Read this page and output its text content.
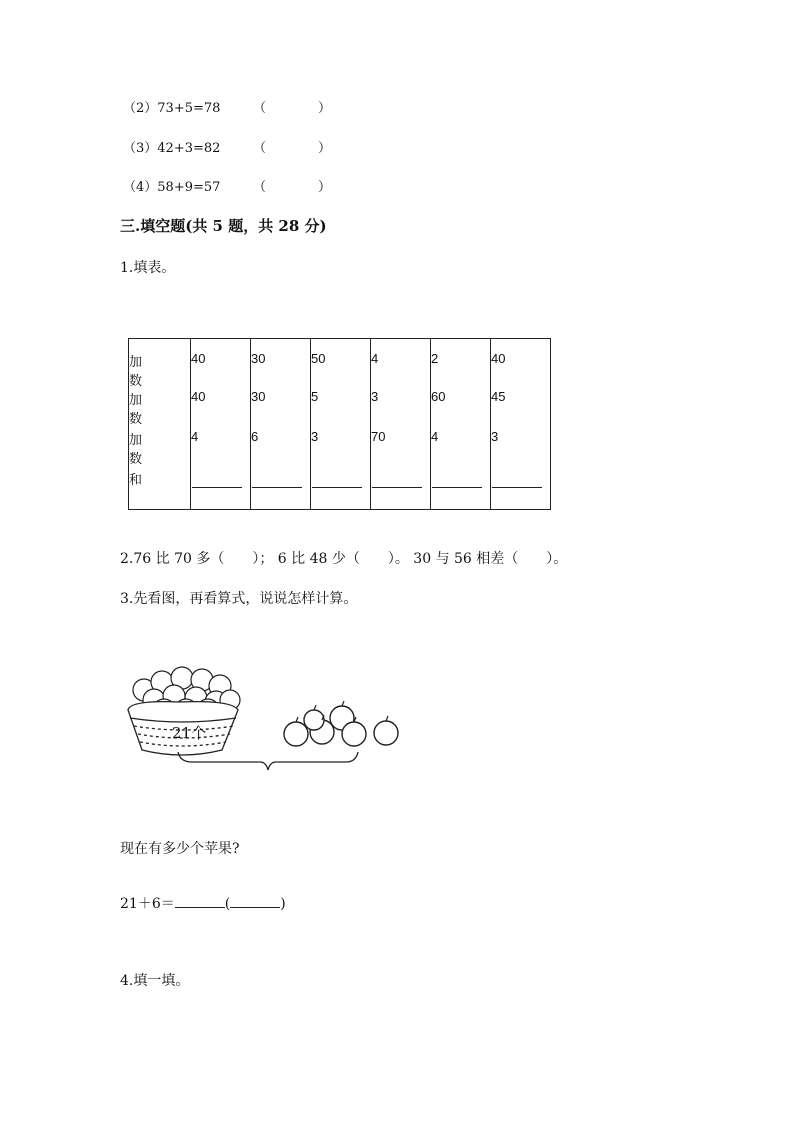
（2）73+5=78	（　　　　）
（3）42+3=82	（　　　　）
（4）58+9=57	（　　　　）
三.填空题(共 5 题，共 28 分)
1.填表。
加　数	40	30	50	4	2	40
加　数	40	30	5	3	60	45
加　数	4	6	3	70	4	3
和	

2.76 比 70 多（　　）； 6 比 48 少（　　）。 30 与 56 相差（　　）。
3.先看图，再看算式，说说怎样计算。
21个
现在有多少个苹果?
21＋6＝	(	)
4.填一填。
